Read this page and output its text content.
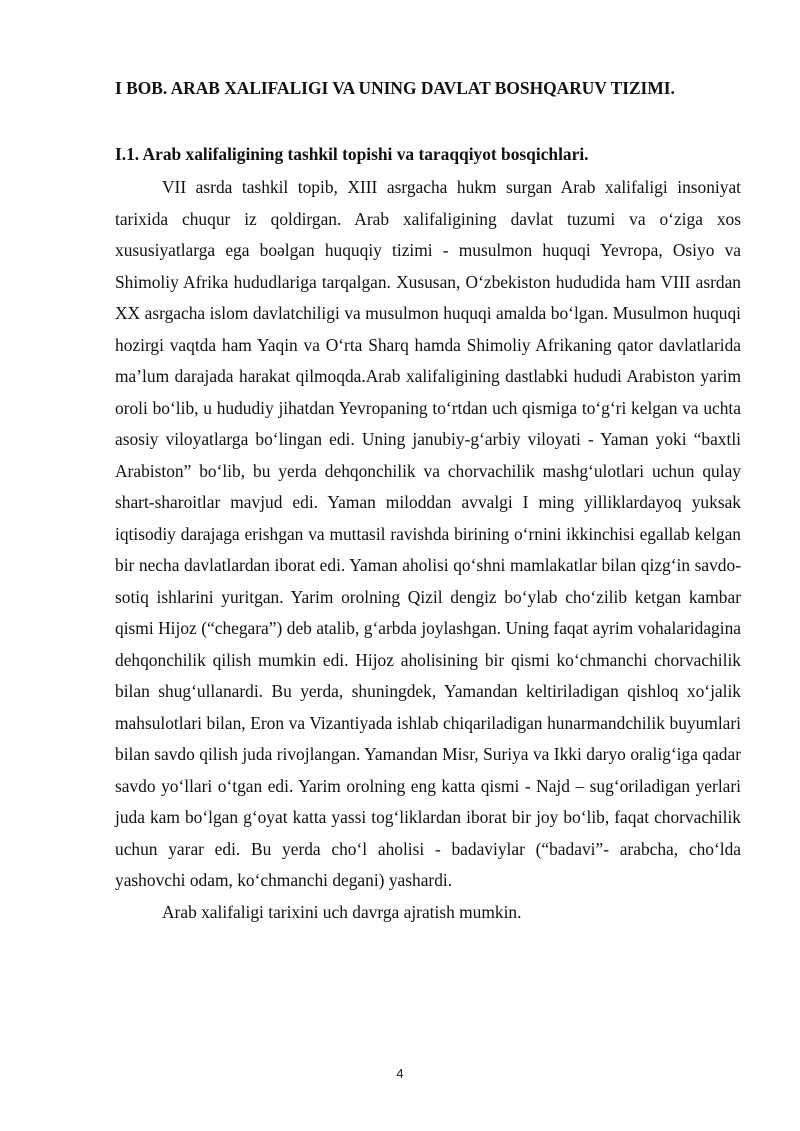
I BOB. ARAB XALIFALIGI VA UNING DAVLAT BOSHQARUV TIZIMI.
I.1. Arab xalifaligining tashkil topishi va taraqqiyot bosqichlari.

VII asrda tashkil topib, XIII asrgacha hukm surgan Arab xalifaligi insoniyat tarixida chuqur iz qoldirgan. Arab xalifaligining davlat tuzumi va oʻziga xos xususiyatlarga ega boəlgan huquqiy tizimi - musulmon huquqi Yevropa, Osiyo va Shimoliy Afrika hududlariga tarqalgan. Xususan, Oʻzbekiston hududida ham VIII asrdan XX asrgacha islom davlatchiligi va musulmon huquqi amalda boʻlgan. Musulmon huquqi hozirgi vaqtda ham Yaqin va Oʻrta Sharq hamda Shimoliy Afrikaning qator davlatlarida maʼlum darajada harakat qilmoqda.Arab xalifaligining dastlabki hududi Arabiston yarim oroli boʻlib, u hududiy jihatdan Yevropaning toʻrtdan uch qismiga toʻgʻri kelgan va uchta asosiy viloyatlarga boʻlingan edi. Uning janubiy-gʻarbiy viloyati - Yaman yoki “baxtli Arabiston” boʻlib, bu yerda dehqonchilik va chorvachilik mashgʻulotlari uchun qulay shart-sharoitlar mavjud edi. Yaman miloddan avvalgi I ming yilliklardayoq yuksak iqtisodiy darajaga erishgan va muttasil ravishda birining oʻrnini ikkinchisi egallab kelgan bir necha davlatlardan iborat edi. Yaman aholisi qoʻshni mamlakatlar bilan qizgʻin savdo-sotiq ishlarini yuritgan. Yarim orolning Qizil dengiz boʻylab choʻzilib ketgan kambar qismi Hijoz (“chegara”) deb atalib, gʻarbda joylashgan. Uning faqat ayrim vohalaridagina dehqonchilik qilish mumkin edi. Hijoz aholisining bir qismi koʻchmanchi chorvachilik bilan shugʻullanardi. Bu yerda, shuningdek, Yamandan keltiriladigan qishloq xoʻjalik mahsulotlari bilan, Eron va Vizantiyada ishlab chiqariladigan hunarmandchilik buyumlari bilan savdo qilish juda rivojlangan. Yamandan Misr, Suriya va Ikki daryo oraligʻiga qadar savdo yoʻllari oʻtgan edi. Yarim orolning eng katta qismi - Najd – sugʻoriladigan yerlari juda kam boʻlgan gʻoyat katta yassi togʻliklardan iborat bir joy boʻlib, faqat chorvachilik uchun yarar edi. Bu yerda choʻl aholisi - badaviylar (“badavi”- arabcha, choʻlda yashovchi odam, koʻchmanchi degani) yashardi.

Arab xalifaligi tarixini uch davrga ajratish mumkin.

4
